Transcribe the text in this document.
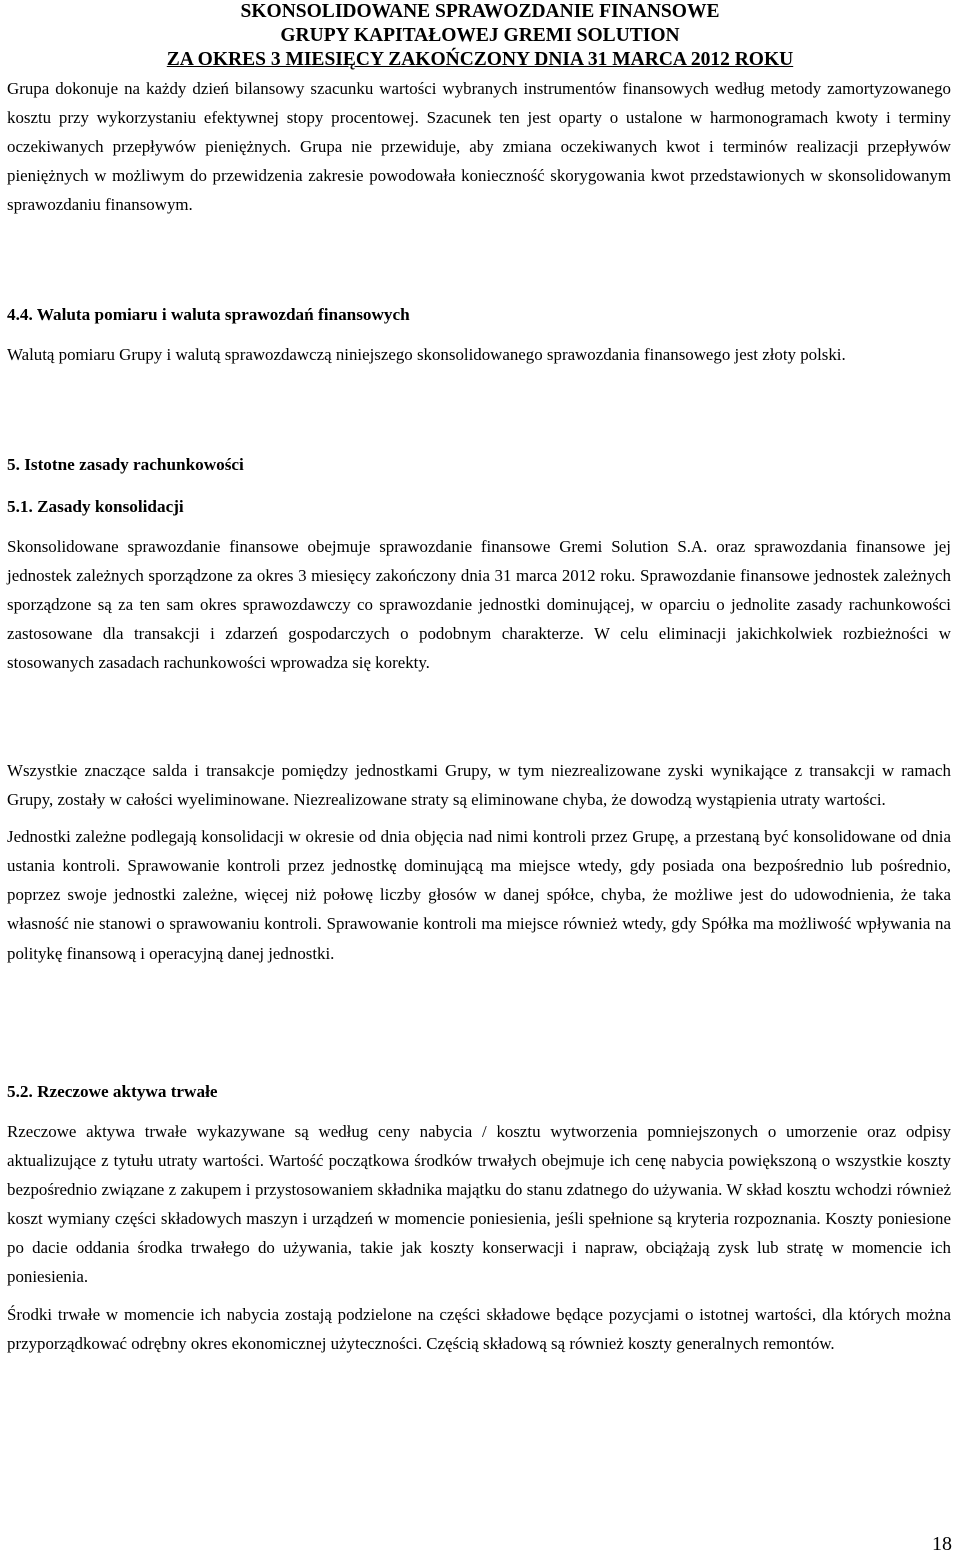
SKONSOLIDOWANE SPRAWOZDANIE FINANSOWE
GRUPY KAPITAŁOWEJ GREMI SOLUTION
ZA OKRES 3 MIESIĘCY ZAKOŃCZONY DNIA 31 MARCA 2012 ROKU

Grupa dokonuje na każdy dzień bilansowy szacunku wartości wybranych instrumentów finansowych według metody zamortyzowanego kosztu przy wykorzystaniu efektywnej stopy procentowej. Szacunek ten jest oparty o ustalone w harmonogramach kwoty i terminy oczekiwanych przepływów pieniężnych. Grupa nie przewiduje, aby zmiana oczekiwanych kwot i terminów realizacji przepływów pieniężnych w możliwym do przewidzenia zakresie powodowała konieczność skorygowania kwot przedstawionych w skonsolidowanym sprawozdaniu finansowym.

4.4. Waluta pomiaru i waluta sprawozdań finansowych

Walutą pomiaru Grupy i walutą sprawozdawczą niniejszego skonsolidowanego sprawozdania finansowego jest złoty polski.

5. Istotne zasady rachunkowości
5.1. Zasady konsolidacji

Skonsolidowane sprawozdanie finansowe obejmuje sprawozdanie finansowe Gremi Solution S.A. oraz sprawozdania finansowe jej jednostek zależnych sporządzone za okres 3 miesięcy zakończony dnia 31 marca 2012 roku. Sprawozdanie finansowe jednostek zależnych sporządzone są za ten sam okres sprawozdawczy co sprawozdanie jednostki dominującej, w oparciu o jednolite zasady rachunkowości zastosowane dla transakcji i zdarzeń gospodarczych o podobnym charakterze. W celu eliminacji jakichkolwiek rozbieżności w stosowanych zasadach rachunkowości wprowadza się korekty.

Wszystkie znaczące salda i transakcje pomiędzy jednostkami Grupy, w tym niezrealizowane zyski wynikające z transakcji w ramach Grupy, zostały w całości wyeliminowane. Niezrealizowane straty są eliminowane chyba, że dowodzą wystąpienia utraty wartości.

Jednostki zależne podlegają konsolidacji w okresie od dnia objęcia nad nimi kontroli przez Grupę, a przestaną być konsolidowane od dnia ustania kontroli. Sprawowanie kontroli przez jednostkę dominującą ma miejsce wtedy, gdy posiada ona bezpośrednio lub pośrednio, poprzez swoje jednostki zależne, więcej niż połowę liczby głosów w danej spółce, chyba, że możliwe jest do udowodnienia, że taka własność nie stanowi o sprawowaniu kontroli. Sprawowanie kontroli ma miejsce również wtedy, gdy Spółka ma możliwość wpływania na politykę finansową i operacyjną danej jednostki.

5.2. Rzeczowe aktywa trwałe

Rzeczowe aktywa trwałe wykazywane są według ceny nabycia / kosztu wytworzenia pomniejszonych o umorzenie oraz odpisy aktualizujące z tytułu utraty wartości. Wartość początkowa środków trwałych obejmuje ich cenę nabycia powiększoną o wszystkie koszty bezpośrednio związane z zakupem i przystosowaniem składnika majątku do stanu zdatnego do używania. W skład kosztu wchodzi również koszt wymiany części składowych maszyn i urządzeń w momencie poniesienia, jeśli spełnione są kryteria rozpoznania. Koszty poniesione po dacie oddania środka trwałego do używania, takie jak koszty konserwacji i napraw, obciążają zysk lub stratę w momencie ich poniesienia.

Środki trwałe w momencie ich nabycia zostają podzielone na części składowe będące pozycjami o istotnej wartości, dla których można przyporządkować odrębny okres ekonomicznej użyteczności. Częścią składową są również koszty generalnych remontów.

18
